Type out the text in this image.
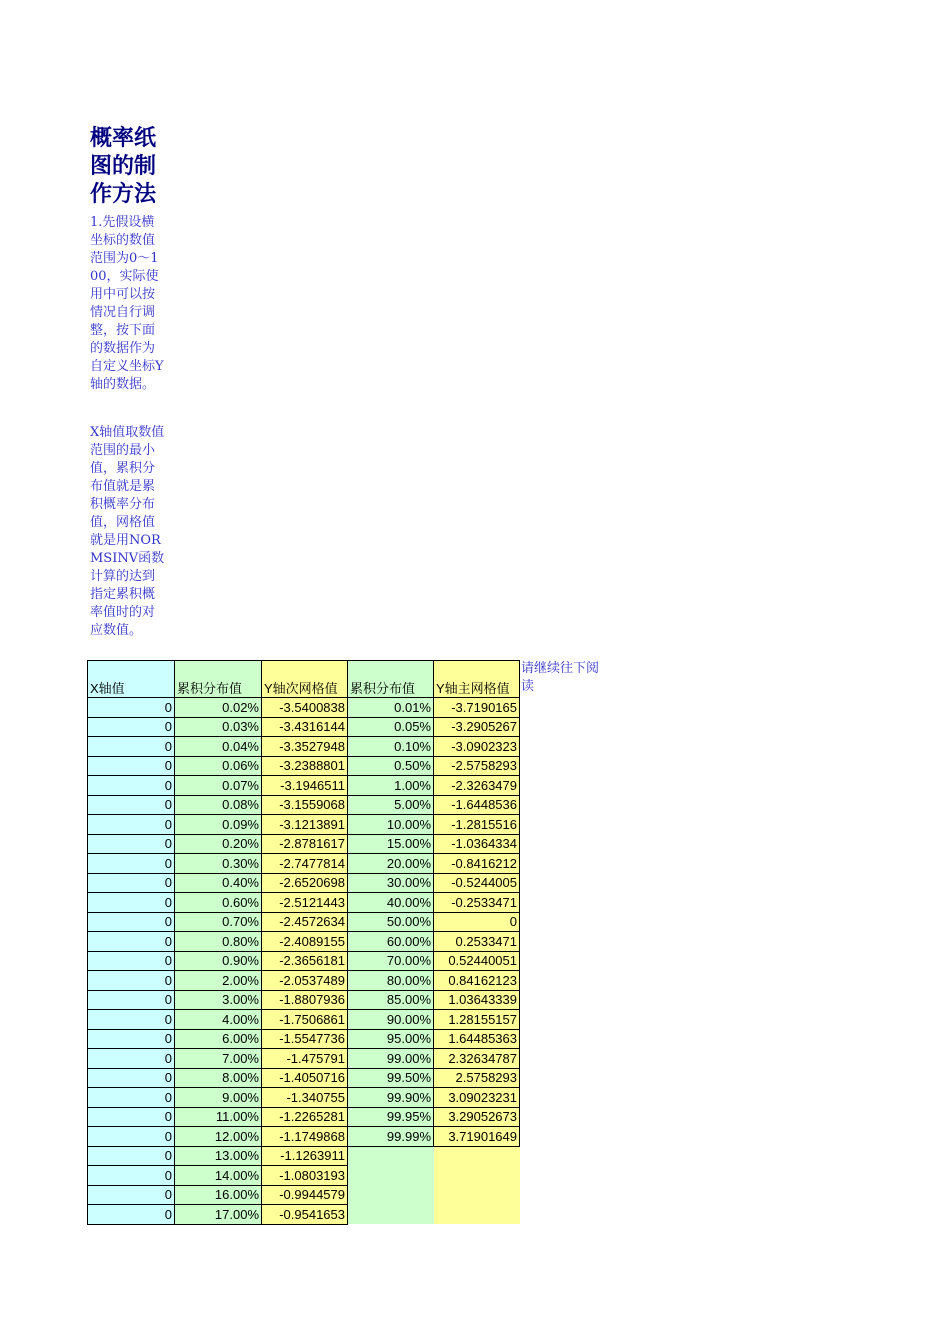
概率纸图的制作方法
1.先假设横坐标的数值范围为0～100，实际使用中可以按情况自行调整，按下面的数据作为自定义坐标Y轴的数据。
X轴值取数值范围的最小值，累积分布值就是累积概率分布值，网格值就是用NORMSINV函数计算的达到指定累积概率值时的对应数值。
X轴值	累积分布值	Y轴次网格值	累积分布值	Y轴主网格值
0	0.02%	-3.5400838	0.01%	-3.7190165
0	0.03%	-3.4316144	0.05%	-3.2905267
0	0.04%	-3.3527948	0.10%	-3.0902323
0	0.06%	-3.2388801	0.50%	-2.5758293
0	0.07%	-3.1946511	1.00%	-2.3263479
0	0.08%	-3.1559068	5.00%	-1.6448536
0	0.09%	-3.1213891	10.00%	-1.2815516
0	0.20%	-2.8781617	15.00%	-1.0364334
0	0.30%	-2.7477814	20.00%	-0.8416212
0	0.40%	-2.6520698	30.00%	-0.5244005
0	0.60%	-2.5121443	40.00%	-0.2533471
0	0.70%	-2.4572634	50.00%	0
0	0.80%	-2.4089155	60.00%	0.2533471
0	0.90%	-2.3656181	70.00%	0.52440051
0	2.00%	-2.0537489	80.00%	0.84162123
0	3.00%	-1.8807936	85.00%	1.03643339
0	4.00%	-1.7506861	90.00%	1.28155157
0	6.00%	-1.5547736	95.00%	1.64485363
0	7.00%	-1.475791	99.00%	2.32634787
0	8.00%	-1.4050716	99.50%	2.5758293
0	9.00%	-1.340755	99.90%	3.09023231
0	11.00%	-1.2265281	99.95%	3.29052673
0	12.00%	-1.1749868	99.99%	3.71901649
0	13.00%	-1.1263911		
0	14.00%	-1.0803193		
0	16.00%	-0.9944579		
0	17.00%	-0.9541653		
请继续往下阅读
